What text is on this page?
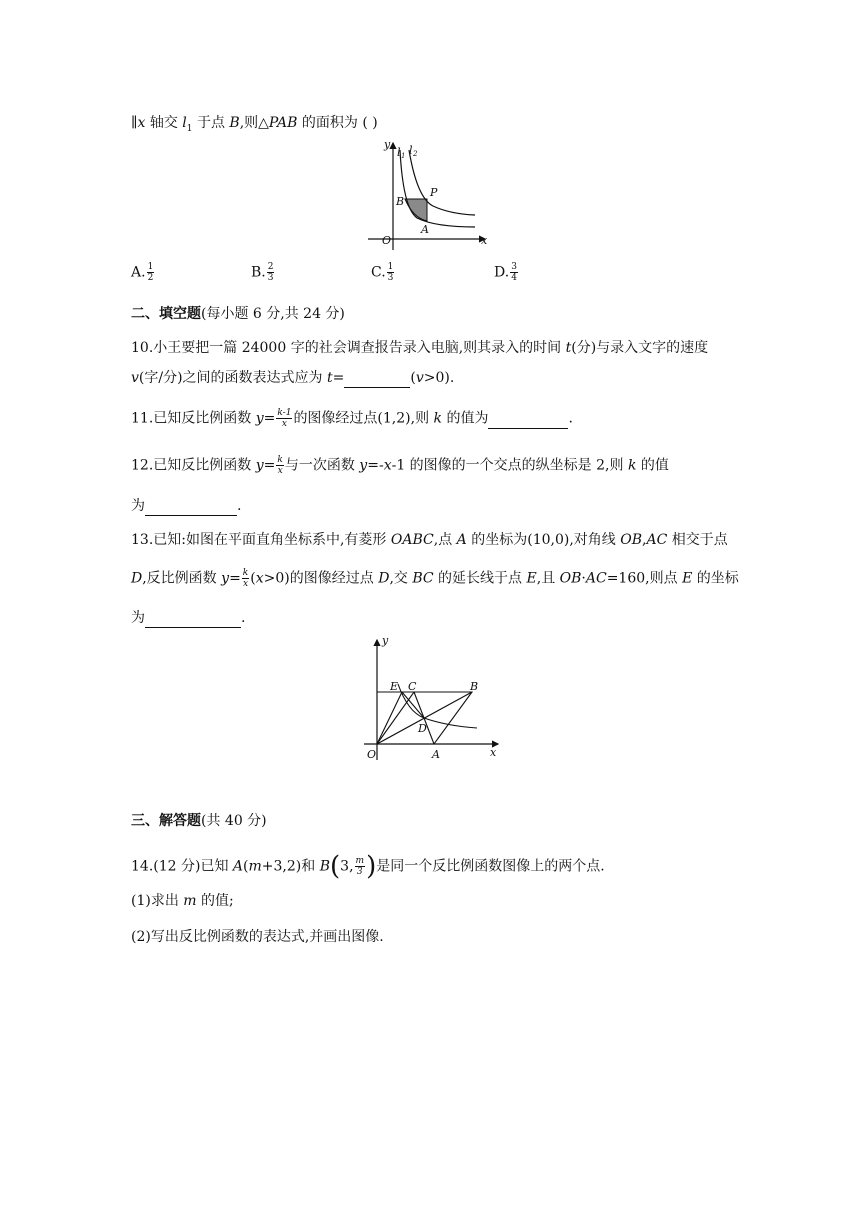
∥x 轴交 $l_1$ 于点 B,则△PAB 的面积为 ( )
y
l 1 l 2
P
B
A
O	x
A. $\frac{1}{2}$	B. $\frac{2}{3}$	C. $\frac{1}{3}$	D. $\frac{3}{4}$
二、填空题(每小题 6 分,共 24 分)
10.小王要把一篇 24000 字的社会调查报告录入电脑,则其录入的时间 t(分)与录入文字的速度
v(字/分)之间的函数表达式应为 t=	(v>0).
11.已知反比例函数 $y= \frac{k-1}{x}$ 的图像经过点(1,2),则 k 的值为	.
12.已知反比例函数 $y= \frac{k}{x}$ 与一次函数 y=-x-1 的图像的一个交点的纵坐标是 2,则 k 的值
为	.
13.已知:如图在平面直角坐标系中,有菱形 OABC,点 A 的坐标为(10,0),对角线 OB,AC 相交于点
D,反比例函数 $y= \frac{k}{x} (x>0)$的图像经过点 D,交 BC 的延长线于点 E,且 OB·AC=160,则点 E 的坐标
为	.
y
E C	B
D
O	A	x
三、解答题(共 40 分)
14.(12 分)已知 A(m+3,2)和 B(3, $\frac{m}{3}$ )是同一个反比例函数图像上的两个点.
(1)求出 m 的值;
(2)写出反比例函数的表达式,并画出图像.
